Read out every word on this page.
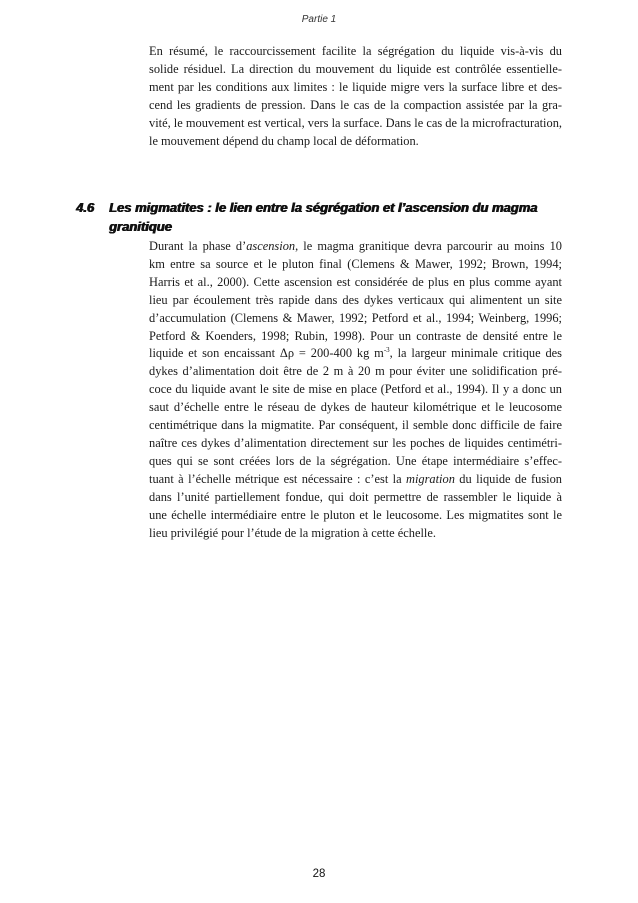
Partie 1
En résumé, le raccourcissement facilite la ségrégation du liquide vis-à-vis du
solide résiduel. La direction du mouvement du liquide est contrôlée essentielle-
ment par les conditions aux limites : le liquide migre vers la surface libre et des-
cend les gradients de pression. Dans le cas de la compaction assistée par la gra-
vité, le mouvement est vertical, vers la surface. Dans le cas de la microfracturation,
le mouvement dépend du champ local de déformation.
4.6 Les migmatites : le lien entre la ségrégation et l’ascension du magma
granitique
Durant la phase d’ascension, le magma granitique devra parcourir au moins 10
km entre sa source et le pluton final (Clemens & Mawer, 1992; Brown, 1994;
Harris et al., 2000). Cette ascension est considérée de plus en plus comme ayant
lieu par écoulement très rapide dans des dykes verticaux qui alimentent un site
d’accumulation (Clemens & Mawer, 1992; Petford et al., 1994; Weinberg, 1996;
Petford & Koenders, 1998; Rubin, 1998). Pour un contraste de densité entre le
liquide et son encaissant Δρ = 200-400 kg $m^{-3}$, la largeur minimale critique des
dykes d’alimentation doit être de 2 m à 20 m pour éviter une solidification pré-
coce du liquide avant le site de mise en place (Petford et al., 1994). Il y a donc un
saut d’échelle entre le réseau de dykes de hauteur kilométrique et le leucosome
centimétrique dans la migmatite. Par conséquent, il semble donc difficile de faire
naître ces dykes d’alimentation directement sur les poches de liquides centimétri-
ques qui se sont créées lors de la ségrégation. Une étape intermédiaire s’effec-
tuant à l’échelle métrique est nécessaire : c’est la migration du liquide de fusion
dans l’unité partiellement fondue, qui doit permettre de rassembler le liquide à
une échelle intermédiaire entre le pluton et le leucosome. Les migmatites sont le
lieu privilégié pour l’étude de la migration à cette échelle.
28
